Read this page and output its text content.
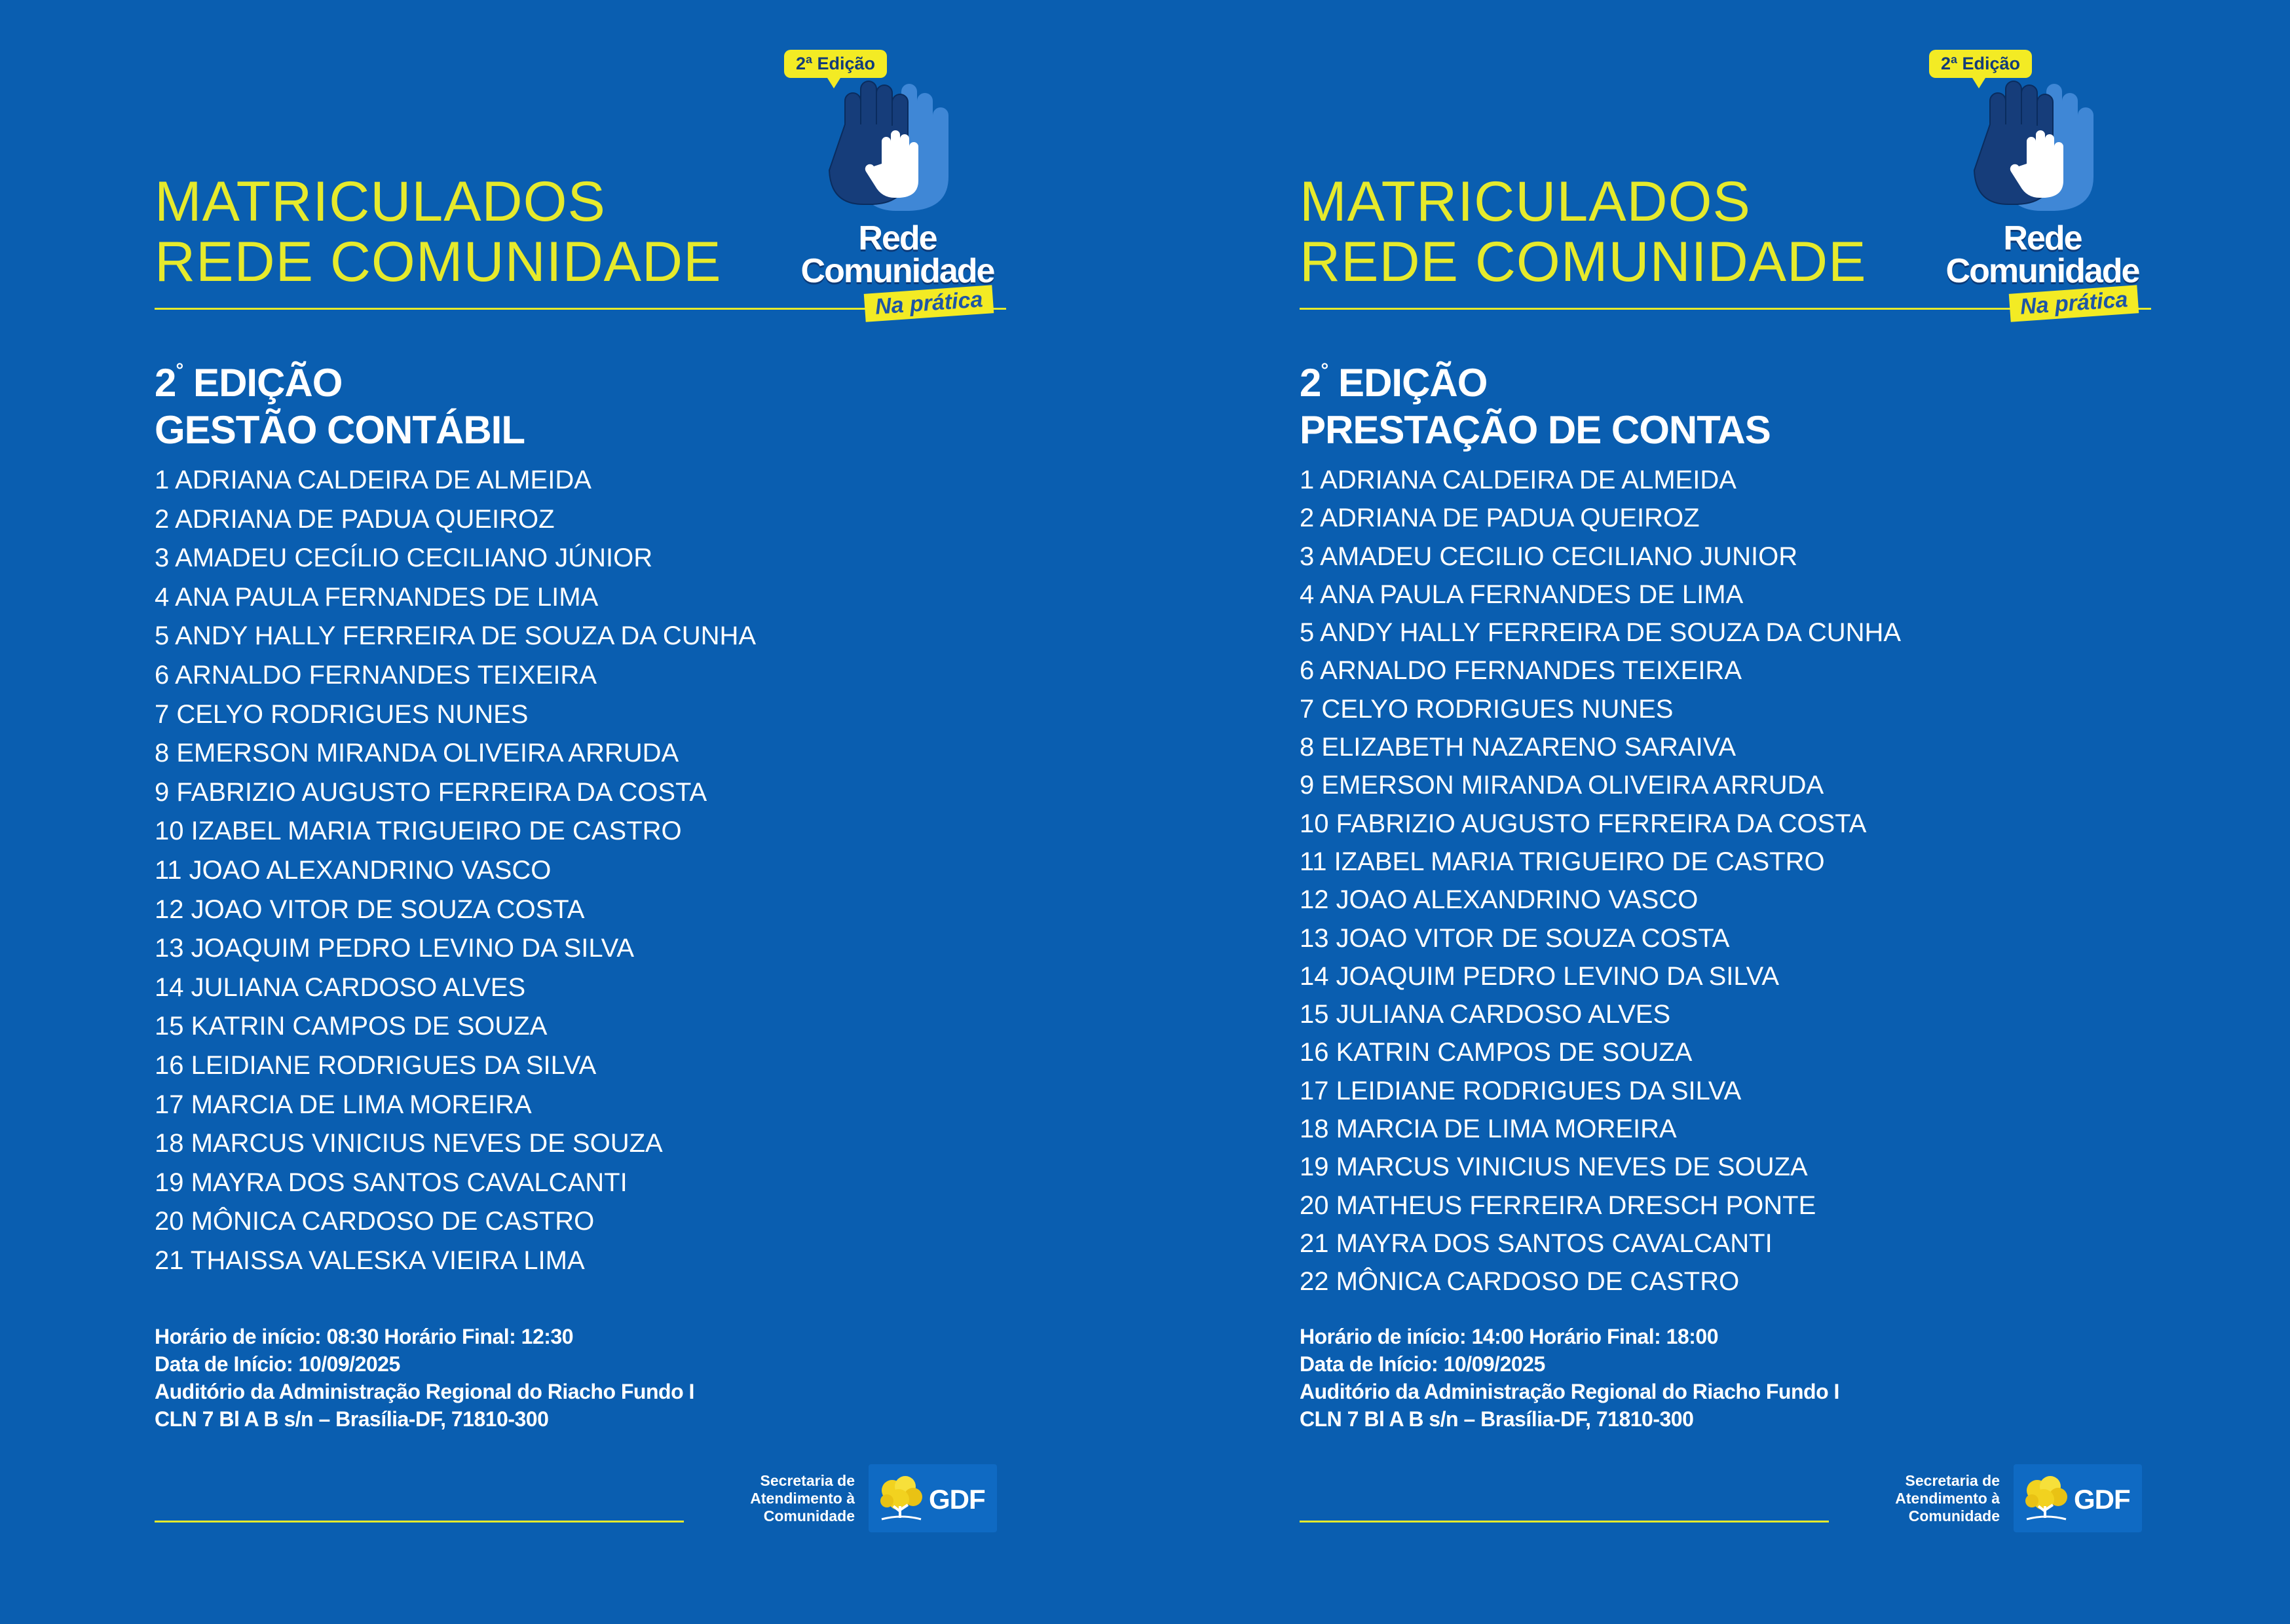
MATRICULADOS
REDE COMUNIDADE
2ª Edição
Rede
Comunidade
Na prática
2° EDIÇÃO
GESTÃO CONTÁBIL
1 ADRIANA CALDEIRA DE ALMEIDA
2 ADRIANA DE PADUA QUEIROZ
3 AMADEU CECÍLIO CECILIANO JÚNIOR
4 ANA PAULA FERNANDES DE LIMA
5 ANDY HALLY FERREIRA DE SOUZA DA CUNHA
6 ARNALDO FERNANDES TEIXEIRA
7 CELYO RODRIGUES NUNES
8 EMERSON MIRANDA OLIVEIRA ARRUDA
9 FABRIZIO AUGUSTO FERREIRA DA COSTA
10 IZABEL MARIA TRIGUEIRO DE CASTRO
11 JOAO ALEXANDRINO VASCO
12 JOAO VITOR DE SOUZA COSTA
13 JOAQUIM PEDRO LEVINO DA SILVA
14 JULIANA CARDOSO ALVES
15 KATRIN CAMPOS DE SOUZA
16 LEIDIANE RODRIGUES DA SILVA
17 MARCIA DE LIMA MOREIRA
18 MARCUS VINICIUS NEVES DE SOUZA
19 MAYRA DOS SANTOS CAVALCANTI
20 MÔNICA CARDOSO DE CASTRO
21 THAISSA VALESKA VIEIRA LIMA
Horário de início: 08:30 Horário Final: 12:30
Data de Início: 10/09/2025
Auditório da Administração Regional do Riacho Fundo I
CLN 7 Bl A B s/n – Brasília-DF, 71810-300
Secretaria de
Atendimento à
Comunidade
GDF
MATRICULADOS
REDE COMUNIDADE
2ª Edição
Rede
Comunidade
Na prática
2° EDIÇÃO
PRESTAÇÃO DE CONTAS
1 ADRIANA CALDEIRA DE ALMEIDA
2 ADRIANA DE PADUA QUEIROZ
3 AMADEU CECILIO CECILIANO JUNIOR
4 ANA PAULA FERNANDES DE LIMA
5 ANDY HALLY FERREIRA DE SOUZA DA CUNHA
6 ARNALDO FERNANDES TEIXEIRA
7 CELYO RODRIGUES NUNES
8 ELIZABETH NAZARENO SARAIVA
9 EMERSON MIRANDA OLIVEIRA ARRUDA
10 FABRIZIO AUGUSTO FERREIRA DA COSTA
11 IZABEL MARIA TRIGUEIRO DE CASTRO
12 JOAO ALEXANDRINO VASCO
13 JOAO VITOR DE SOUZA COSTA
14 JOAQUIM PEDRO LEVINO DA SILVA
15 JULIANA CARDOSO ALVES
16 KATRIN CAMPOS DE SOUZA
17 LEIDIANE RODRIGUES DA SILVA
18 MARCIA DE LIMA MOREIRA
19 MARCUS VINICIUS NEVES DE SOUZA
20 MATHEUS FERREIRA DRESCH PONTE
21 MAYRA DOS SANTOS CAVALCANTI
22 MÔNICA CARDOSO DE CASTRO
Horário de início: 14:00 Horário Final: 18:00
Data de Início: 10/09/2025
Auditório da Administração Regional do Riacho Fundo I
CLN 7 Bl A B s/n – Brasília-DF, 71810-300
Secretaria de
Atendimento à
Comunidade
GDF
